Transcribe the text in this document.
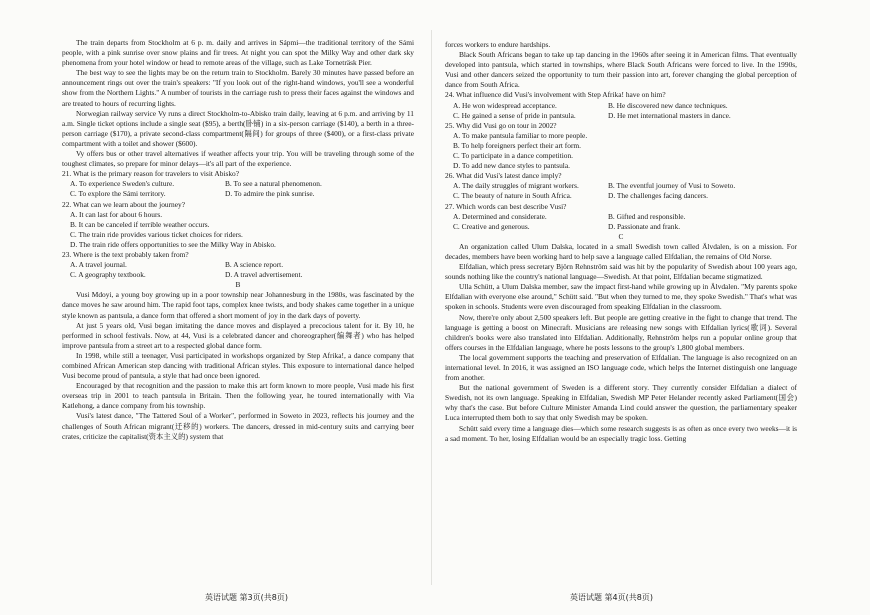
The train departs from Stockholm at 6 p. m. daily and arrives in Sápmi—the traditional territory of the Sámi people, with a pink sunrise over snow plains and fir trees. At night you can spot the Milky Way and other dark sky phenomena from your hotel window or head to remote areas of the village, such as Lake Torneträsk Pier.

The best way to see the lights may be on the return train to Stockholm. Barely 30 minutes have passed before an announcement rings out over the train's speakers: "If you look out of the right-hand windows, you'll see a wonderful show from the Northern Lights." A number of tourists in the carriage rush to press their faces against the windows and are treated to hours of recurring lights.

Norwegian railway service Vy runs a direct Stockholm-to-Abisko train daily, leaving at 6 p.m. and arriving by 11 a.m. Single ticket options include a single seat ($95), a berth(卧铺) in a six-person carriage ($140), a berth in a three-person carriage ($170), a private second-class compartment(隔间) for groups of three ($400), or a first-class private compartment with a toilet and shower ($600).

Vy offers bus or other travel alternatives if weather affects your trip. You will be traveling through some of the toughest climates, so prepare for minor delays—it's all part of the experience.

21. What is the primary reason for travelers to visit Abisko?

A. To experience Sweden's culture.	B. To see a natural phenomenon.
C. To explore the Sámi territory.	D. To admire the pink sunrise.

22. What can we learn about the journey?

A. It can last for about 6 hours.

B. It can be canceled if terrible weather occurs.

C. The train ride provides various ticket choices for riders.

D. The train ride offers opportunities to see the Milky Way in Abisko.

23. Where is the text probably taken from?

A. A travel journal.	B. A science report.
C. A geography textbook.	D. A travel advertisement.

B

Vusi Mdoyi, a young boy growing up in a poor township near Johannesburg in the 1980s, was fascinated by the dance moves he saw around him. The rapid foot taps, complex knee twists, and body shakes came together in a unique style known as pantsula, a dance form that offered a short moment of joy in the dark days of poverty.

At just 5 years old, Vusi began imitating the dance moves and displayed a precocious talent for it. By 10, he performed in school festivals. Now, at 44, Vusi is a celebrated dancer and choreographer(编舞者) who has helped improve pantsula from a street art to a respected global dance form.

In 1998, while still a teenager, Vusi participated in workshops organized by Step Afrika!, a dance company that combined African American step dancing with traditional African styles. This exposure to international dance helped Vusi become proud of pantsula, a style that had once been ignored.

Encouraged by that recognition and the passion to make this art form known to more people, Vusi made his first overseas trip in 2001 to teach pantsula in Britain. Then the following year, he toured internationally with Via Katlehong, a dance company from his township.

Vusi's latest dance, "The Tattered Soul of a Worker", performed in Soweto in 2023, reflects his journey and the challenges of South African migrant(迁移的) workers. The dancers, dressed in mid-century suits and carrying beer crates, criticize the capitalist(资本主义的) system that

forces workers to endure hardships.

Black South Africans began to take up tap dancing in the 1960s after seeing it in American films. That eventually developed into pantsula, which started in townships, where Black South Africans were forced to live. In the 1990s, Vusi and other dancers seized the opportunity to turn their passion into art, forever changing the global perception of dance from South Africa.

24. What influence did Vusi's involvement with Step Afrika! have on him?

A. He won widespread acceptance.	B. He discovered new dance techniques.
C. He gained a sense of pride in pantsula.	D. He met international masters in dance.

25. Why did Vusi go on tour in 2002?

A. To make pantsula familiar to more people.

B. To help foreigners perfect their art form.

C. To participate in a dance competition.

D. To add new dance styles to pantsula.

26. What did Vusi's latest dance imply?

A. The daily struggles of migrant workers.	B. The eventful journey of Vusi to Soweto.
C. The beauty of nature in South Africa.	D. The challenges facing dancers.

27. Which words can best describe Vusi?

A. Determined and considerate.	B. Gifted and responsible.
C. Creative and generous.	D. Passionate and frank.

C

An organization called Ulum Dalska, located in a small Swedish town called Älvdalen, is on a mission. For decades, members have been working hard to help save a language called Elfdalian, the remains of Old Norse.

Elfdalian, which press secretary Björn Rehnström said was hit by the popularity of Swedish about 100 years ago, sounds nothing like the country's national language—Swedish. At that point, Elfdalian became stigmatized.

Ulla Schütt, a Ulum Dalska member, saw the impact first-hand while growing up in Älvdalen. "My parents spoke Elfdalian with everyone else around," Schütt said. "But when they turned to me, they spoke Swedish." That's what was spoken in schools. Students were even discouraged from speaking Elfdalian in the classroom.

Now, there're only about 2,500 speakers left. But people are getting creative in the fight to change that trend. The language is getting a boost on Minecraft. Musicians are releasing new songs with Elfdalian lyrics(歌词). Several children's books were also translated into Elfdalian. Additionally, Rehnström helps run a popular online group that offers courses in the Elfdalian language, where he posts lessons to the group's 1,800 global members.

The local government supports the teaching and preservation of Elfdalian. The language is also recognized on an international level. In 2016, it was assigned an ISO language code, which helps the Internet distinguish one language from another.

But the national government of Sweden is a different story. They currently consider Elfdalian a dialect of Swedish, not its own language. Speaking in Elfdalian, Swedish MP Peter Helander recently asked Parliament(国会) why that's the case. But before Culture Minister Amanda Lind could answer the question, the parliamentary speaker Luca interrupted them both to say that only Swedish may be spoken.

Schütt said every time a language dies—which some research suggests is as often as once every two weeks—it is a sad moment. To her, losing Elfdalian would be an especially tragic loss. Getting

英语试题 第3页(共8页)	英语试题 第4页(共8页)
